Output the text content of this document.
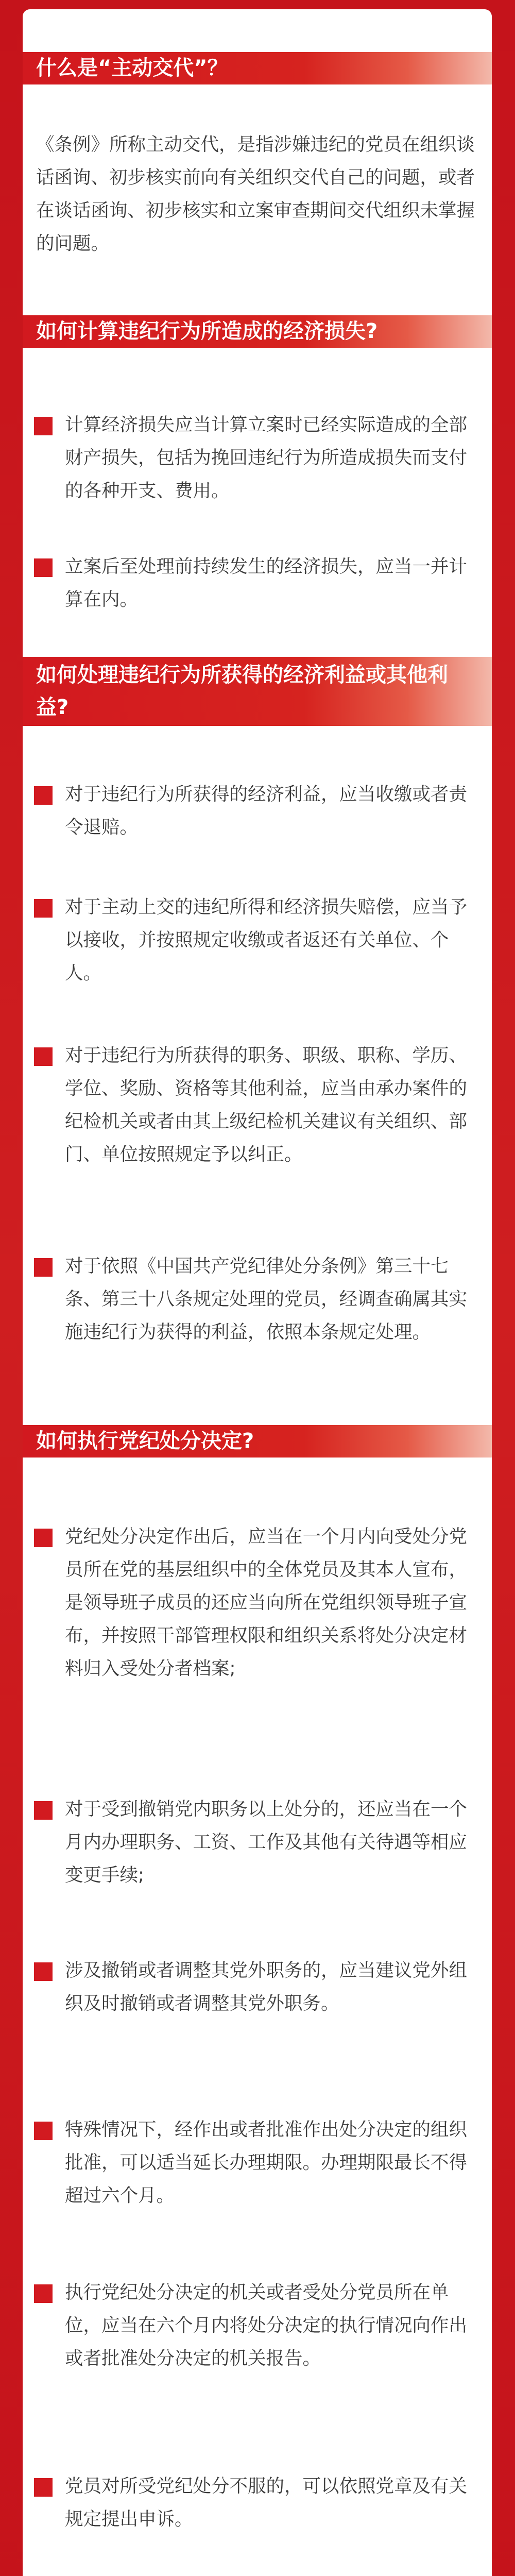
什么是“主动交代”？

《条例》所称主动交代，是指涉嫌违纪的党员在组织谈话函询、初步核实前向有关组织交代自己的问题，或者在谈话函询、初步核实和立案审查期间交代组织未掌握的问题。

如何计算违纪行为所造成的经济损失?
计算经济损失应当计算立案时已经实际造成的全部财产损失，包括为挽回违纪行为所造成损失而支付的各种开支、费用。
立案后至处理前持续发生的经济损失，应当一并计算在内。
如何处理违纪行为所获得的经济利益或其他利益?
对于违纪行为所获得的经济利益，应当收缴或者责令退赔。
对于主动上交的违纪所得和经济损失赔偿，应当予以接收，并按照规定收缴或者返还有关单位、个人。
对于违纪行为所获得的职务、职级、职称、学历、学位、奖励、资格等其他利益，应当由承办案件的纪检机关或者由其上级纪检机关建议有关组织、部门、单位按照规定予以纠正。
对于依照《中国共产党纪律处分条例》第三十七条、第三十八条规定处理的党员，经调查确属其实施违纪行为获得的利益，依照本条规定处理。
如何执行党纪处分决定?
党纪处分决定作出后，应当在一个月内向受处分党员所在党的基层组织中的全体党员及其本人宣布，是领导班子成员的还应当向所在党组织领导班子宣布，并按照干部管理权限和组织关系将处分决定材料归入受处分者档案;
对于受到撤销党内职务以上处分的，还应当在一个月内办理职务、工资、工作及其他有关待遇等相应变更手续;
涉及撤销或者调整其党外职务的，应当建议党外组织及时撤销或者调整其党外职务。
特殊情况下，经作出或者批准作出处分决定的组织批准，可以适当延长办理期限。办理期限最长不得超过六个月。
执行党纪处分决定的机关或者受处分党员所在单位，应当在六个月内将处分决定的执行情况向作出或者批准处分决定的机关报告。
党员对所受党纪处分不服的，可以依照党章及有关规定提出申诉。
